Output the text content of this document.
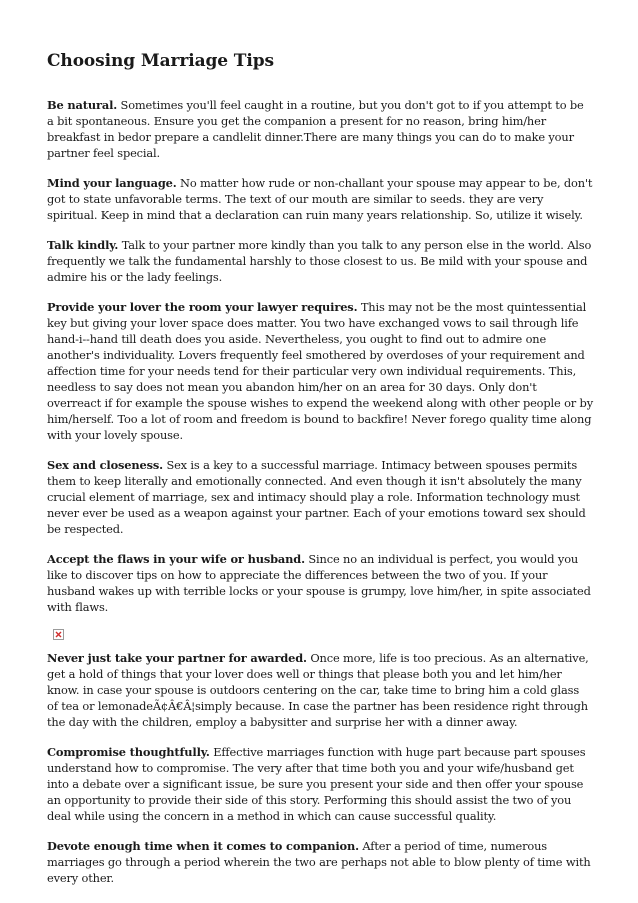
Choosing Marriage Tips

Be natural. Sometimes you'll feel caught in a routine, but you don't got to if you attempt to be a bit spontaneous. Ensure you get the companion a present for no reason, bring him/her breakfast in bedor prepare a candlelit dinner.There are many things you can do to make your partner feel special.

Mind your language. No matter how rude or non-challant your spouse may appear to be, don't got to state unfavorable terms. The text of our mouth are similar to seeds. they are very spiritual. Keep in mind that a declaration can ruin many years relationship. So, utilize it wisely.

Talk kindly. Talk to your partner more kindly than you talk to any person else in the world. Also frequently we talk the fundamental harshly to those closest to us. Be mild with your spouse and admire his or the lady feelings.

Provide your lover the room your lawyer requires. This may not be the most quintessential key but giving your lover space does matter. You two have exchanged vows to sail through life hand-i--hand till death does you aside. Nevertheless, you ought to find out to admire one another's individuality. Lovers frequently feel smothered by overdoses of your requirement and affection time for your needs tend for their particular very own individual requirements. This, needless to say does not mean you abandon him/her on an area for 30 days. Only don't overreact if for example the spouse wishes to expend the weekend along with other people or by him/herself. Too a lot of room and freedom is bound to backfire! Never forego quality time along with your lovely spouse.

Sex and closeness. Sex is a key to a successful marriage. Intimacy between spouses permits them to keep literally and emotionally connected. And even though it isn't absolutely the many crucial element of marriage, sex and intimacy should play a role. Information technology must never ever be used as a weapon against your partner. Each of your emotions toward sex should be respected.

Accept the flaws in your wife or husband. Since no an individual is perfect, you would you like to discover tips on how to appreciate the differences between the two of you. If your husband wakes up with terrible locks or your spouse is grumpy, love him/her, in spite associated with flaws.

Never just take your partner for awarded. Once more, life is too precious. As an alternative, get a hold of things that your lover does well or things that please both you and let him/her know. in case your spouse is outdoors centering on the car, take time to bring him a cold glass of tea or lemonadeÃ¢Â€Â¦simply because. In case the partner has been residence right through the day with the children, employ a babysitter and surprise her with a dinner away.

Compromise thoughtfully. Effective marriages function with huge part because part spouses understand how to compromise. The very after that time both you and your wife/husband get into a debate over a significant issue, be sure you present your side and then offer your spouse an opportunity to provide their side of this story. Performing this should assist the two of you deal while using the concern in a method in which can cause successful quality.

Devote enough time when it comes to companion. After a period of time, numerous marriages go through a period wherein the two are perhaps not able to blow plenty of time with every other.
